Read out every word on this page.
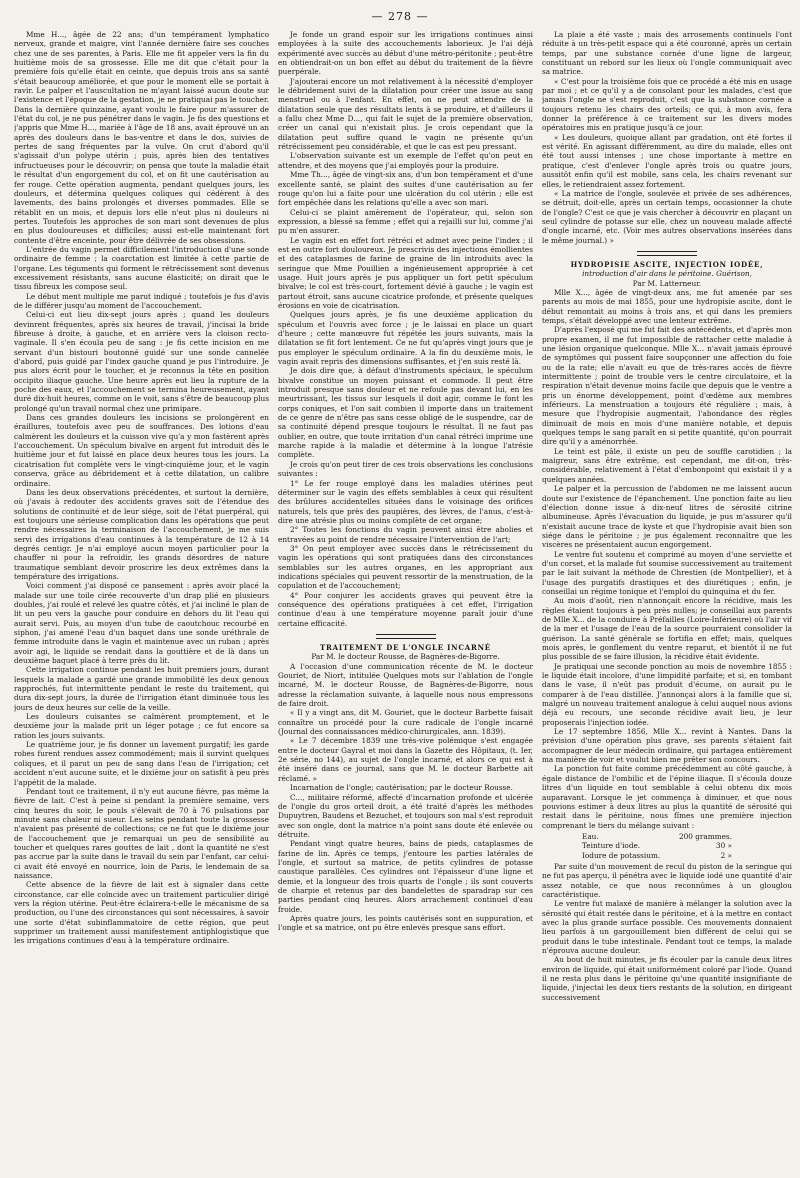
— 278 —

Mme H..., âgée de 22 ans; d'un tempérament lymphatico nerveux, grande et maigre, vint l'année dernière faire ses couches chez une de ses parentes, à Paris. Elle me fit appeler vers la fin du huitième mois de sa grossesse. Elle me dit que c'était pour la première fois qu'elle était en ceinte, que depuis trois ans sa santé s'était beaucoup améliorée, et que pour le moment elle se portait à ravir. Le palper et l'auscultation ne m'ayant laissé aucun doute sur l'existence et l'époque de la gestation, je ne pratiquai pas le toucher. Dans la dernière quinzaine, ayant voulu le faire pour m'assurer de l'état du col, je ne pus pénétrer dans le vagin. Je fis des questions et j'appris que Mme H..., mariée à l'âge de 18 ans, avait éprouvé un an après des douleurs dans le bas-ventre et dans le dos, suivies de pertes de sang fréquentes par la vulve. On crut d'abord qu'il s'agissait d'un polype utérin ; puis, après bien des tentatives infructueuses pour le découvrir; on pensa que toute la maladie était le résultat d'un engorgement du col, et on fit une cautérisation au fer rouge. Cette opération augmenta, pendant quelques jours, les douleurs, et détermina quelques coliques qui cédèrent à des lavements, des bains prolongés et diverses pommades. Elle se rétablit en un mois, et depuis lors elle n'eut plus ni douleurs ni pertes. Toutefois les approches de son mari sont devenues de plus en plus douloureuses et difficiles; aussi est-elle maintenant fort contente d'être enceinte, pour être délivrée de ses obsessions.

L'entrée du vagin permet difficilement l'introduction d'une sonde ordinaire de femme ; la coarctation est limitée à cette partie de l'organe. Les téguments qui forment le rétrécissement sont devenus excessivement résistants, sans aucune élasticité; on dirait que le tissu fibreux les compose seul.

Le début ment multiple me parut indiqué ; toutefois je fus d'avis de le différer jusqu'au moment de l'accouchement.

Celui-ci eut lieu dix-sept jours après ; quand les douleurs devinrent fréquentes, après six heures de travail, j'incisai la bride fibreuse à droite, à gauche, et en arrière vers la cloison recto-vaginale. Il s'en écoula peu de sang : je fis cette incision en me servant d'un bistouri boutonné guidé sur une sonde cannelée d'abord, puis guidé par l'index gauche quand je pus l'introduire. Je pus alors écrit pour le toucher, et je reconnus la tête en position occipito iliaque gauche. Une heure après eut lieu la rupture de la poche des eaux, et l'accouchement se termina heureusement, ayant duré dix-huit heures, comme on le voit, sans s'être de beaucoup plus prolongé qu'un travail normal chez une primipare.

Dans ces grandes douleurs les incisions se prolongèrent en éraillures, toutefois avec peu de souffrances. Des lotions d'eau calmèrent les douleurs et la cuisson vive qu'a y mon fastèrent après l'accouchement. Un spéculum bivalve en argent fut introduit dès le huitième jour et fut laissé en place deux heures tous les jours. La cicatrisation fut complète vers le vingt-cinquième jour, et le vagin conserva, grâce au débridement et à cette dilatation, un calibre ordinaire.

Dans les deux observations précédentes, et surtout la dernière, où j'avais à redouter des accidents graves soit de l'étendue des solutions de continuité et de leur siége, soit de l'état puerpéral, qui est toujours une sérieuse complication dans les opérations que peut rendre nécessaires la terminaison de l'accouchement, je me suis servi des irrigations d'eau continues à la température de 12 à 14 degrés centigr. Je n'ai employé aucun moyen particulier pour la chauffer ni pour la refroidir, les grands désordres de nature traumatique semblant devoir proscrire les deux extrêmes dans la température des irrigations.

Voici comment j'ai disposé ce pansement : après avoir placé la malade sur une toile cirée recouverte d'un drap plié en plusieurs doubles, j'ai roulé et relevé les quatre côtés, et j'ai incliné le plan de lit un peu vers la gauche pour conduire en dehors du lit l'eau qui aurait servi. Puis, au moyen d'un tube de caoutchouc recourbé en siphon, j'ai amené l'eau d'un baquet dans une sonde uréthrale de femme introduite dans le vagin et maintenue avec un ruban ; après avoir agi, le liquide se rendait dans la gouttière et de là dans un deuxième baquet placé à terre près du lit.

Cette irrigation continue pendant les huit premiers jours, durant lesquels la malade a gardé une grande immobilité les deux genoux rapprochés, fut intermittente pendant le reste du traitement, qui dura dix-sept jours, la durée de l'irrigation étant diminuée tous les jours de deux heures sur celle de la veille.

Les douleurs cuisantes se calmèrent promptement, et le deuxième jour la malade prit un léger potage ; ce fut encore sa ration les jours suivants.

Le quatrième jour, je fis donner un lavement purgatif; les garde robes furent rendues assez commodément; mais il survint quelques coliques, et il parut un peu de sang dans l'eau de l'irrigation; cet accident n'eut aucune suite, et le dixième jour on satisfit à peu près l'appétit de la malade.

Pendant tout ce traitement, il n'y eut aucune fièvre, pas même la fièvre de lait. C'est à peine si pendant la première semaine, vers cinq heures du soir, le pouls s'élevait de 70 à 76 pulsations par minute sans chaleur ni sueur. Les seins pendant toute la grossesse n'avaient pas présenté de collections; ce ne fut que le dixième jour de l'accouchement que je remarquai un peu de sensibilité au toucher et quelques rares gouttes de lait , dont la quantité ne s'est pas accrue par la suite dans le travail du sein par l'enfant, car celui-ci avait été envoyé en nourrice, loin de Paris, le lendemain de sa naissance.

Cette absence de la fièvre de lait est à signaler dans cette circonstance, car elle coïncide avec un traitement particulier dirigé vers la région utérine. Peut-être éclairera-t-elle le mécanisme de sa production, ou l'une des circonstances qui sont nécessaires, à savoir une sorte d'état subinflammatoire de cette région, que peut supprimer un traitement aussi manifestement antiphlogistique que les irrigations continues d'eau à la température ordinaire.

Je fonde un grand espoir sur les irrigations continues ainsi employées à la suite des accouchements laborieux. Je l'ai déjà expérimenté avec succès au début d'une métro-péritonite ; peut-être en obtiendrait-on un bon effet au début du traitement de la fièvre puerpérale.

J'ajouterai encore un mot relativement à la nécessité d'employer le débridement suivi de la dilatation pour créer une issue au sang menstruel ou à l'enfant. En effet, on ne peut attendre de la dilatation seule que des résultats lents à se produire, et d'ailleurs il a fallu chez Mme D..., qui fait le sujet de la première observation, créer un canal qui n'existait plus. Je crois cependant que la dilatation peut suffire quand le vagin ne présente qu'un rétrécissement peu considérable, et que le cas est peu pressant.

L'observation suivante est un exemple de l'effet qu'on peut en attendre, et des moyens que j'ai employés pour la produire.

Mme Th..., âgée de vingt-six ans, d'un bon tempérament et d'une excellente santé, se plaint des suites d'une cautérisation au fer rouge qu'on lui a faite pour une ulcération du col utérin ; elle est fort empêchée dans les relations qu'elle a avec son mari.

Celui-ci se plaint amèrement de l'opérateur, qui, selon son expression, a blessé sa femme ; effet qui a rejailli sur lui, comme j'ai pu m'en assurer.

Le vagin est en effet fort rétréci et admet avec peine l'index ; il est en outre fort douloureux. Je prescrivis des injections émollientes et des cataplasmes de farine de graine de lin introduits avec la seringue que Mme Pouillien a ingénieusement appropriée à cet usage. Huit jours après je pus appliquer un fort petit spéculum bivalve; le col est très-court, fortement dévié à gauche ; le vagin est partout étroit, sans aucune cicatrice profonde, et présente quelques érosions en voie de cicatrisation.

Quelques jours après, je fis une deuxième application du spéculum et l'ouvris avec force ; je le laissai en place un quart d'heure ; cette manœuvre fut répétée les jours suivants, mais la dilatation se fit fort lentement. Ce ne fut qu'après vingt jours que je pus employer le spéculum ordinaire. A la fin du deuxième mois, le vagin avait repris des dimensions suffisantes, et j'en suis resté là.

Je dois dire que, à défaut d'instruments spéciaux, le spéculum bivalve constitue un moyen puissant et commode. Il peut être introduit presque sans douleur et ne refoule pas devant lui, en les meurtrissant, les tissus sur lesquels il doit agir, comme le font les corps coniques, et l'on sait combien il importe dans un traitement de ce genre de n'être pas sans cesse obligé de le suspendre, car de sa continuité dépend presque toujours le résultat. Il ne faut pas oublier, en outre, que toute irritation d'un canal rétréci imprime une marche rapide à la maladie et détermine à la longue l'atrésie complète.

Je crois qu'on peut tirer de ces trois observations les conclusions suivantes :

1° Le fer rouge employé dans les maladies utérines peut déterminer sur le vagin des effets semblables à ceux qui résultent des brûlures accidentelles situées dans le voisinage des orifices naturels, tels que près des paupières, des lèvres, de l'anus, c'est-à-dire une atrésie plus ou moins complète de cet organe;

2° Toutes les fonctions du vagin peuvent ainsi être abolies et entravées au point de rendre nécessaire l'intervention de l'art;

3° On peut employer avec succès dans le rétrécissement du vagin les opérations qui sont pratiquées dans des circonstances semblables sur les autres organes, en les appropriant aux indications spéciales qui peuvent ressortir de la menstruation, de la copulation et de l'accouchement;

4° Pour conjurer les accidents graves qui peuvent être la conséquence des opérations pratiquées à cet effet, l'irrigation continue d'eau à une température moyenne paraît jouir d'une certaine efficacité.

TRAITEMENT DE L'ONGLE INCARNÉ

Par M. le docteur Rousse, de Bagnères-de-Bigorre.

A l'occasion d'une communication récente de M. le docteur Gouriet, de Niort, intitulée Quelques mots sur l'ablation de l'ongle incarné, M. le docteur Rousse, de Bagnères-de-Bigorre, nous adresse la réclamation suivante, à laquelle nous nous empressons de faire droit.

« Il y a vingt ans, dit M. Gouriet, que le docteur Barbette faisait connaître un procédé pour la cure radicale de l'ongle incarné (Journal des connaissances médico-chirurgicales, ann. 1839).

« Le 7 décembre 1839 une très-vive polémique s'est engagée entre le docteur Gayral et moi dans la Gazette des Hôpitaux, (t. Ier, 2e série, no 144), au sujet de l'ongle incarné, et alors ce qui est à été inséré dans ce journal, sans que M. le docteur Barbette ait réclamé. »

Incarnation de l'ongle; cautérisation; par le docteur Rousse.

C..., militaire réformé, affecté d'incarnation profonde et ulcérée de l'ongle du gros orteil droit, a été traité d'après les méthodes Dupuytren, Baudens et Bezuchet, et toujours son mal s'est reproduit avec son ongle, dont la matrice n'a point sans doute été enlevée ou détruite.

Pendant vingt quatre heures, bains de pieds, cataplasmes de farine de lin. Après ce temps, j'entoure les parties latérales de l'ongle, et surtout sa matrice, de petits cylindres de potasse caustique parallèles. Ces cylindres ont l'épaisseur d'une ligne et demie, et la longueur des trois quarts de l'ongle ; ils sont couverts de charpie et retenus par des bandelettes de sparadrap sur ces parties pendant cinq heures. Alors arrachement continuel d'eau froide.

Après quatre jours, les points cautérisés sont en suppuration, et l'ongle et sa matrice, ont pu être enlevés presque sans effort.

La plaie a été vaste ; mais des arrosements continuels l'ont réduite à un très-petit espace qui a été couronné, après un certain temps, par une substance cornée d'une ligne de largeur, constituant un rebord sur les lieux où l'ongle communiquait avec sa matrice.

« C'est pour la troisième fois que ce procédé a été mis en usage par moi ; et ce qu'il y a de consolant pour les malades, c'est que jamais l'ongle ne s'est reproduit, c'est que la substance cornée a toujours retenu les chairs des orteils; ce qui, à mon avis, fera donner la préférence à ce traitement sur les divers modes opératoires mis en pratique jusqu'à ce jour.

« Les douleurs, quoique allant par gradation, ont été fortes il est vérité. En agissant différemment, au dire du malade, elles ont été tout aussi intenses ; une chose importante à mettre en pratique, c'est d'enlever l'ongle après trois ou quatre jours, aussitôt enfin qu'il est mobile, sans cela, les chairs revenant sur elles, le retiendraient assez fortement.

« La matrice de l'ongle, soulevée et privée de ses adhérences, se détruit, doit-elle, après un certain temps, occasionner la chute de l'ongle? C'est ce que je vais chercher à découvrir en plaçant un seul cylindre de potasse sur elle, chez un nouveau malade affecté d'ongle incarné, etc. (Voir mes autres observations insérées dans le même journal.) »

HYDROPISIE ASCITE, INJECTION IODÉE,

introduction d'air dans le péritoine. Guérison,

Par M. Latterneur.

Mlle X..., âgée de vingt-deux ans, me fut amenée par ses parents au mois de mai 1855, pour une hydropisie ascite, dont le début remontait au moins à trois ans, et qui dans les premiers temps, s'était développé avec une lenteur extrême.

D'après l'exposé qui me fut fait des antécédents, et d'après mon propre examen, il me fut impossible de rattacher cette maladie à une lésion organique quelconque. Mlle X... n'avait jamais éprouvé de symptômes qui pussent faire soupçonner une affection du foie ou de la rate; elle n'avait eu que de très-rares accès de fièvre intermittente ; point de trouble vers le centre circulatoire, et la respiration n'était devenue moins facile que depuis que le ventre a pris un énorme développement, point d'œdème aux membres inférieurs. La menstruation a toujours été régulière ; mais, à mesure que l'hydropisie augmentait, l'abondance des règles diminuait de mois en mois d'une manière notable, et depuis quelques temps le sang paraît en si petite quantité, qu'on pourrait dire qu'il y a aménorrhée.

Le teint est pâle, il existe un peu de souffle carotidien ; la maigreur, sans être extrême, est cependant, me dit-on, très-considérable, relativement à l'état d'embonpoint qui existait il y a quelques années.

Le palper et la percussion de l'abdomen ne me laissent aucun doute sur l'existence de l'épanchement. Une ponction faite au lieu d'élection donne issue à dix-neuf litres de sérosité citrine albumineuse. Après l'évacuation du liquide, je pus m'assurer qu'il n'existait aucune trace de kyste et que l'hydropisie avait bien son siége dans le péritoine ; je pus également reconnaître que les viscères ne présentaient aucun engorgement.

Le ventre fut soutenu et comprimé au moyen d'une serviette et d'un corset, et la malade fut soumise successivement au traitement par le lait suivant la méthode de Chrestien (de Montpellier), et à l'usage des purgatifs drastiques et des diurétiques ; enfin, je conseillai un régime tonique et l'emploi du quinquina et du fer.

Au mois d'août, rien n'annonçait encore la récidive, mais les règles étaient toujours à peu près nulles; je conseillai aux parents de Mlle X... de la conduire à Préfailles (Loire-Inférieure) où l'air vif de la mer et l'usage de l'eau de la source pourraient consolider la guérison. La santé générale se fortifia en effet; mais, quelques mois après, le gonflement du ventre reparut, et bientôt il ne fut plus possible de se faire illusion, la récidive était évidente.

Je pratiquai une seconde ponction au mois de novembre 1855 : le liquide était incolore, d'une limpidité parfaite; et si, en tombant dans le vase, il n'eût pas produit d'écume, on aurait pu le comparer à de l'eau distillée. J'annonçai alors à la famille que si, malgré un nouveau traitement analogue à celui auquel nous avions déjà eu recours, une seconde récidive avait lieu, je leur proposerais l'injection iodée.

Le 17 septembre 1856, Mlle X... revint à Nantes. Dans la prévision d'une opération plus grave, ses parents s'étaient fait accompagner de leur médecin ordinaire, qui partagea entièrement ma manière de voir et voulut bien me prêter son concours.

La ponction fut faite comme précédemment au côté gauche, à égale distance de l'ombilic et de l'épine iliaque. Il s'écoula douze litres d'un liquide en tout semblable à celui obtenu dix mois auparavant. Lorsque le jet commença à diminuer, et que nous pouvions estimer à deux litres au plus la quantité de sérosité qui restait dans le péritoine, nous fîmes une première injection comprenant le tiers du mélange suivant :

Eau.	200 grammes.
Teinture d'iode.	30 »
Iodure de potassium.	2 »

Par suite d'un mouvement de recul du piston de la seringue qui ne fut pas aperçu, il pénétra avec le liquide iodé une quantité d'air assez notable, ce que nous reconnûmes à un glouglou caractéristique.

Le ventre fut malaxé de manière à mélanger la solution avec la sérosité qui était restée dans le péritoine, et à la mettre en contact avec la plus grande surface possible. Ces mouvements donnaient lieu parfois à un gargouillement bien différent de celui qui se produit dans le tube intestinale. Pendant tout ce temps, la malade n'éprouva aucune douleur.

Au bout de huit minutes, je fis écouler par la canule deux litres environ de liquide, qui était uniformément coloré par l'iode. Quand il ne resta plus dans le péritoine qu'une quantité insignifiante de liquide, j'injectai les deux tiers restants de la solution, en dirigeant successivement
